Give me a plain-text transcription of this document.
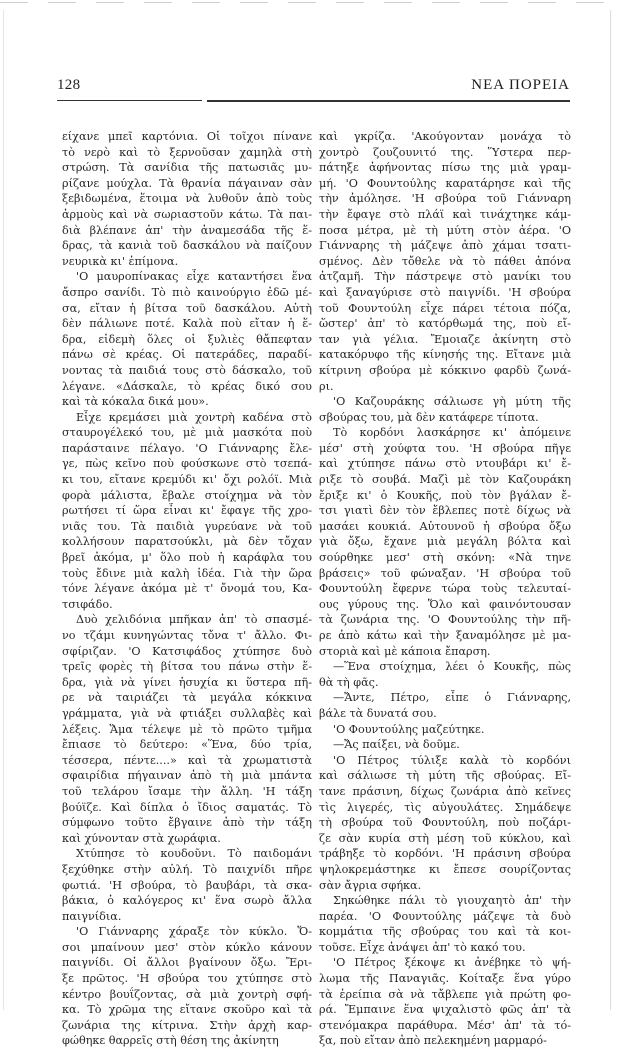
128	ΝΕΑ ΠΟΡΕΙΑ
είχανε μπεῖ καρτόνια. Οἱ τοῖχοι πίνανε
τὸ νερὸ καὶ τὸ ξερνοῦσαν χαμηλὰ στὴ
στρώση. Τὰ σανίδια τῆς πατωσιᾶς μυ-
ρίζανε μούχλα. Τὰ θρανία πάγαιναν σὰν
ξεβιδωμένα, ἕτοιμα νὰ λυθοῦν ἀπὸ τοὺς
ἁρμοὺς καὶ νὰ σωριαστοῦν κάτω. Τὰ παι-
διὰ βλέπανε ἀπ' τὴν ἀναμεσάδα τῆς ἕ-
δρας, τὰ κανιὰ τοῦ δασκάλου νὰ παίζουν
νευρικὰ κι' ἐπίμονα.
'Ο μαυροπίνακας εἶχε καταντήσει ἕνα
ἄσπρο σανίδι. Τὸ πιὸ καινούργιο ἐδῶ μέ-
σα, εἴταν ἡ βίτσα τοῦ δασκάλου. Αὐτὴ
δὲν πάλιωνε ποτέ. Καλὰ ποὺ εἴταν ἡ ἕ-
δρα, εἰδεμὴ ὅλες οἱ ξυλιὲς θἄπεφταν
πάνω σὲ κρέας. Οἱ πατεράδες, παραδί-
νοντας τὰ παιδιά τους στὸ δάσκαλο, τοῦ
λέγανε. «Δάσκαλε, τὸ κρέας δικό σου
καὶ τὰ κόκαλα δικά μου».
Εἶχε κρεμάσει μιὰ χοντρὴ καδένα στὸ
σταυρογέλεκό του, μὲ μιὰ μασκότα ποὺ
παράσταινε πέλαγο. 'Ο Γιάνναρης ἔλε-
γε, πὼς κεῖνο ποὺ φούσκωνε στὸ τσεπά-
κι του, εἴτανε κρεμύδι κι' ὄχι ρολόϊ. Μιὰ
φορὰ μάλιστα, ἔβαλε στοίχημα νὰ τὸν
ρωτήσει τί ὥρα εἶναι κι' ἔφαγε τῆς χρο-
νιᾶς του. Τὰ παιδιὰ γυρεύανε νὰ τοῦ
κολλήσουν παρατσούκλι, μὰ δὲν τὄχαν
βρεῖ ἀκόμα, μ' ὅλο ποὺ ἡ καράφλα του
τοὺς ἔδινε μιὰ καλὴ ἰδέα. Γιὰ τὴν ὥρα
τόνε λέγανε ἀκόμα μὲ τ' ὄνομά του, Κα-
τσιφάδο.
Δυὸ χελιδόνια μπῆκαν ἀπ' τὸ σπασμέ-
νο τζάμι κυνηγώντας τὄνα τ' ἄλλο. Φι-
σφίριζαν. 'Ο Κατσιφάδος χτύπησε δυὸ
τρεῖς φορὲς τὴ βίτσα του πάνω στὴν ἕ-
δρα, γιὰ νὰ γίνει ἡσυχία κι ὕστερα πῆ-
ρε νὰ ταιριάζει τὰ μεγάλα κόκκινα
γράμματα, γιὰ νὰ φτιάξει συλλαβὲς καὶ
λέξεις. Ἅμα τέλεψε μὲ τὸ πρῶτο τμῆμα
ἔπιασε τὸ δεύτερο: «Ἕνα, δύο τρία,
τέσσερα, πέντε....» καὶ τὰ χρωματιστὰ
σφαιρίδια πήγαιναν ἀπὸ τὴ μιὰ μπάντα
τοῦ τελάρου ἴσαμε τὴν ἄλλη. 'Η τάξη
βούϊζε. Καὶ δίπλα ὁ ἴδιος σαματάς. Τὸ
σύμφωνο τοῦτο ἔβγαινε ἀπὸ τὴν τάξη
καὶ χύνονταν στὰ χωράφια.
Χτύπησε τὸ κουδοῦνι. Τὸ παιδομάνι
ξεχύθηκε στὴν αὐλή. Τὸ παιχνίδι πῆρε
φωτιά. 'Η σβούρα, τὸ βαυβάρι, τὰ σκα-
βάκια, ὁ καλόγερος κι' ἕνα σωρὸ ἄλλα
παιγνίδια.
'Ο Γιάνναρης χάραξε τὸν κύκλο. Ὅ-
σοι μπαίνουν μεσ' στὸν κύκλο κάνουν
παιγνίδι. Οἱ ἄλλοι βγαίνουν ὄξω. Ἔρι-
ξε πρῶτος. 'Η σβούρα του χτύπησε στὸ
κέντρο βουΐζοντας, σὰ μιὰ χοντρὴ σφή-
κα. Τὸ χρῶμα της εἴτανε σκοῦρο καὶ τὰ
ζωνάρια της κίτρινα. Στὴν ἀρχὴ καρ-
φώθηκε θαρρεῖς στὴ θέση της ἀκίνητη
καὶ γκρίζα. 'Ακούγονταν μονάχα τὸ
χοντρὸ ζουζουνιτό της. Ὕστερα περ-
πάτηξε ἀφήνοντας πίσω της μιὰ γραμ-
μή. 'Ο Φουντούλης καρατάρησε καὶ τῆς
τὴν ἀμόλησε. 'Η σβούρα τοῦ Γιάνναρη
τὴν ἔφαγε στὸ πλάϊ καὶ τινάχτηκε κάμ-
ποσα μέτρα, μὲ τὴ μύτη στὸν ἀέρα. 'Ο
Γιάνναρης τὴ μάζεψε ἀπὸ χάμαι τσατι-
σμένος. Δὲν τὄθελε νὰ τὸ πάθει ἀπόνα
ἀτζαμῆ. Τὴν πάστρεψε στὸ μανίκι του
καὶ ξαναγύρισε στὸ παιγνίδι. 'Η σβούρα
τοῦ Φουντούλη εἶχε πάρει τέτοια πόζα,
ὥστερ' ἀπ' τὸ κατόρθωμά της, ποὺ εἴ-
ταν γιὰ γέλια. Ἔμοιαζε ἀκίνητη στὸ
κατακόρυφο τῆς κίνησής της. Εἴτανε μιὰ
κίτρινη σβούρα μὲ κόκκινο φαρδὺ ζωνά-
ρι.
'Ο Καζουράκης σάλιωσε γὴ μύτη τῆς
σβούρας του, μὰ δὲν κατάφερε τίποτα.
Τὸ κορδόνι λασκάρησε κι' ἀπόμεινε
μέσ' στὴ χούφτα του. 'Η σβούρα πῆγε
καὶ χτύπησε πάνω στὸ ντουβάρι κι' ἔ-
ριξε τὸ σουβά. Μαζὶ μὲ τὸν Καζουράκη
ἔριξε κι' ὁ Κουκῆς, ποὺ τὸν βγάλαν ἔ-
τσι γιατὶ δὲν τὸν ἔβλεπες ποτὲ δίχως νὰ
μασάει κουκιά. Αὐτουνοῦ ἡ σβούρα ὄξω
γιὰ ὄξω, ἔχανε μιὰ μεγάλη βόλτα καὶ
σούρθηκε μεσ' στὴ σκόνη: «Νὰ τηνε
βράσεις» τοῦ φώναξαν. 'Η σβούρα τοῦ
Φουντούλη ἔφερνε τώρα τοὺς τελευταί-
ους γύρους της. Ὅλο καὶ φαινόντουσαν
τὰ ζωνάρια της. 'Ο Φουντούλης τὴν πῆ-
ρε ἀπὸ κάτω καὶ τὴν ξαναμόλησε μὲ μα-
στοριὰ καὶ μὲ κάποια ἔπαρση.
—Ἕνα στοίχημα, λέει ὁ Κουκῆς, πὼς
θὰ τὴ φᾶς.
—Ἄντε, Πέτρο, εἶπε ὁ Γιάνναρης,
βάλε τὰ δυνατά σου.
'Ο Φουντούλης μαζεύτηκε.
—Ἄς παίξει, νὰ δοῦμε.
'Ο Πέτρος τύλιξε καλὰ τὸ κορδόνι
καὶ σάλιωσε τὴ μύτη τῆς σβούρας. Εἴ-
τανε πράσινη, δίχως ζωνάρια ἀπὸ κεῖνες
τὶς λιγερές, τὶς αὐγουλάτες. Σημάδεψε
τὴ σβούρα τοῦ Φουντούλη, ποὺ ποζάρι-
ζε σὰν κυρία στὴ μέση τοῦ κύκλου, καὶ
τράβηξε τὸ κορδόνι. 'Η πράσινη σβούρα
ψηλοκρεμάστηκε κι ἔπεσε σουρίζοντας
σὰν ἄγρια σφήκα.
Σηκώθηκε πάλι τὸ γιουχαητὸ ἀπ' τὴν
παρέα. 'Ο Φουντούλης μάζεψε τὰ δυὸ
κομμάτια τῆς σβούρας του καὶ τὰ κοι-
τοῦσε. Εἶχε ἀνάψει ἀπ' τὸ κακό του.
'Ο Πέτρος ξέκοψε κι ἀνέβηκε τὸ ψή-
λωμα τῆς Παναγιᾶς. Κοίταξε ἕνα γύρο
τὰ ἐρείπια σὰ νὰ τἄβλεπε γιὰ πρώτη φο-
ρά. Ἔμπαινε ἕνα ψιχαλιστὸ φῶς ἀπ' τὰ
στενόμακρα παράθυρα. Μέσ' ἀπ' τὰ τό-
ξα, ποὺ εἴταν ἀπὸ πελεκημένη μαρμαρό-
